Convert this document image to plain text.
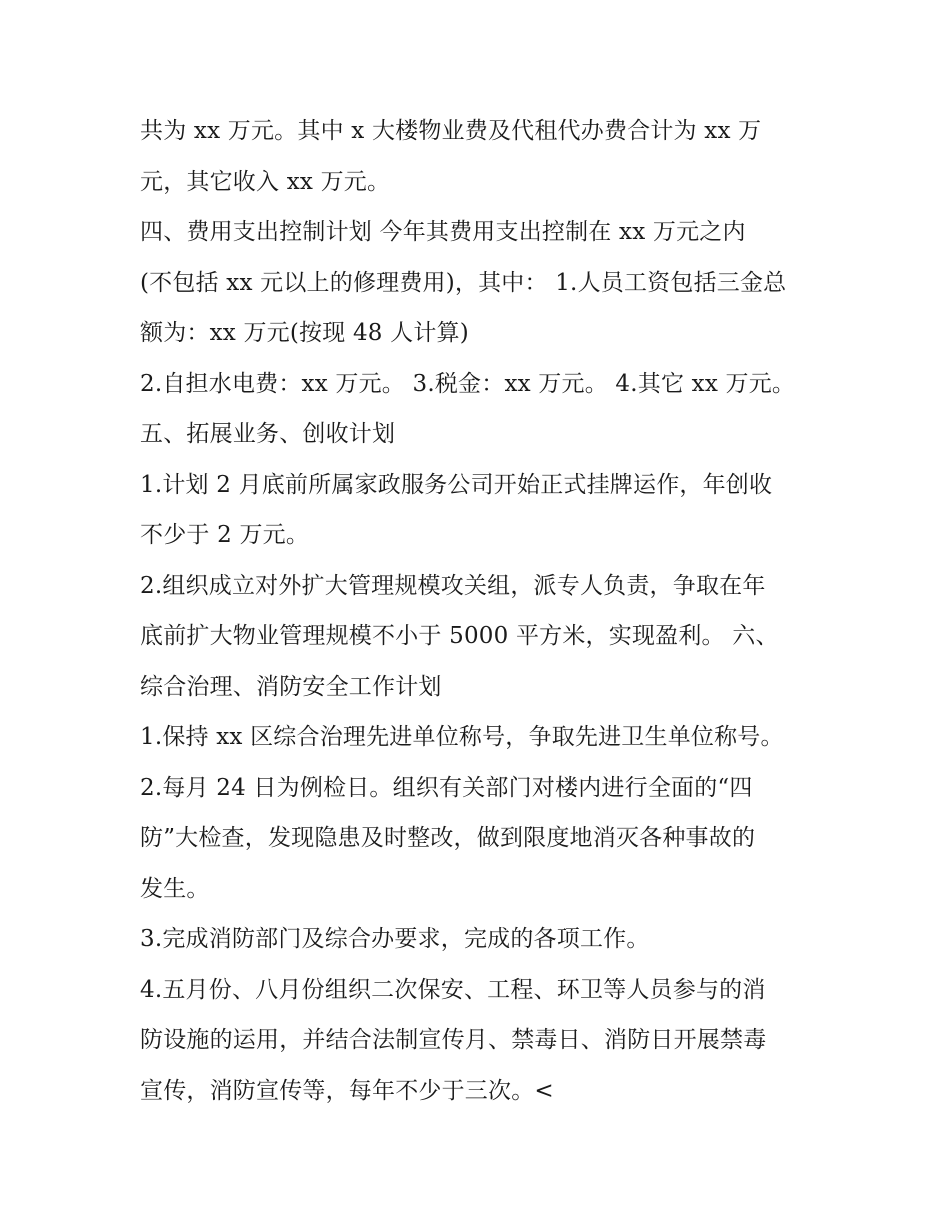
共为 xx 万元。其中 x 大楼物业费及代租代办费合计为 xx 万
元，其它收入 xx 万元。
四、费用支出控制计划 今年其费用支出控制在 xx 万元之内
(不包括 xx 元以上的修理费用)，其中： 1.人员工资包括三金总
额为：xx 万元(按现 48 人计算)
2.自担水电费：xx 万元。 3.税金：xx 万元。 4.其它 xx 万元。
五、拓展业务、创收计划
1.计划 2 月底前所属家政服务公司开始正式挂牌运作，年创收
不少于 2 万元。
2.组织成立对外扩大管理规模攻关组，派专人负责，争取在年
底前扩大物业管理规模不小于 5000 平方米，实现盈利。 六、
综合治理、消防安全工作计划
1.保持 xx 区综合治理先进单位称号，争取先进卫生单位称号。
2.每月 24 日为例检日。组织有关部门对楼内进行全面的“四
防”大检查，发现隐患及时整改，做到限度地消灭各种事故的
发生。
3.完成消防部门及综合办要求，完成的各项工作。
4.五月份、八月份组织二次保安、工程、环卫等人员参与的消
防设施的运用，并结合法制宣传月、禁毒日、消防日开展禁毒
宣传，消防宣传等，每年不少于三次。<
